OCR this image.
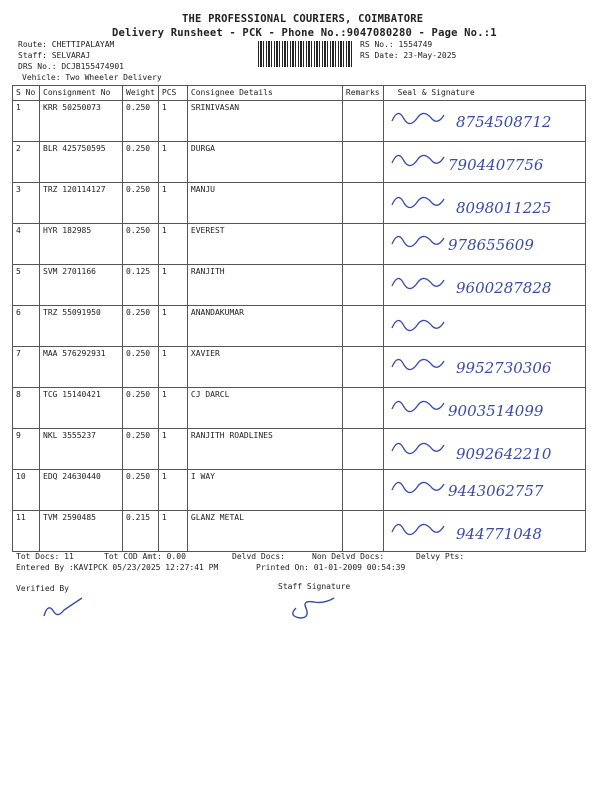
THE PROFESSIONAL COURIERS, COIMBATORE
Delivery Runsheet - PCK - Phone No.:9047080280 - Page No.:1
Route: CHETTIPALAYAM
Staff: SELVARAJ
DRS No.: DCJB155474901
Vehicle: Two Wheeler Delivery
RS No.: 1554749
RS Date: 23-May-2025
S No	Consignment No	Weight	PCS	Consignee Details	Remarks	Seal & Signature
1	KRR 50250073	0.250	1	SRINIVASAN		8754508712

2	BLR 425750595	0.250	1	DURGA		7904407756

3	TRZ 120114127	0.250	1	MANJU		8098011225

4	HYR 182985	0.250	1	EVEREST		978655609

5	SVM 2701166	0.125	1	RANJITH		9600287828

6	TRZ 55091950	0.250	1	ANANDAKUMAR		

7	MAA 576292931	0.250	1	XAVIER		9952730306

8	TCG 15140421	0.250	1	CJ DARCL		9003514099

9	NKL 3555237	0.250	1	RANJITH ROADLINES		9092642210

10	EDQ 24630440	0.250	1	I WAY		9443062757

11	TVM 2590485	0.215	1	GLANZ METAL		944771048
Tot Docs: 11	Tot COD Amt: 0.00	Delvd Docs:	Non Delvd Docs:	Delvy Pts:
Entered By :KAVIPCK 05/23/2025 12:27:41 PM	Printed On: 01-01-2009 00:54:39
Verified By	Staff Signature
